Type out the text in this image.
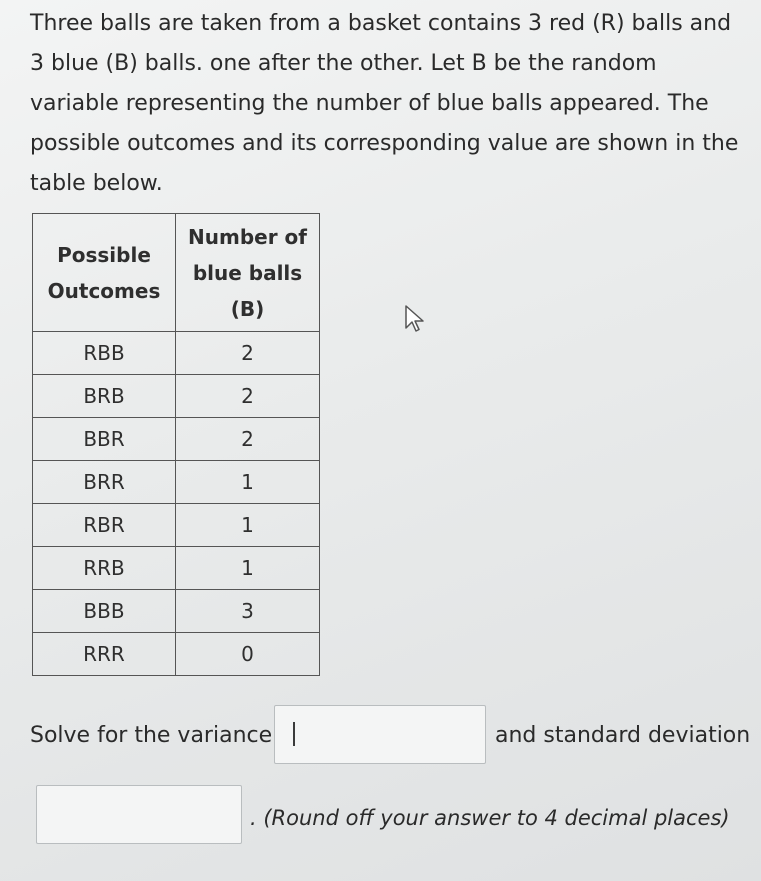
Three balls are taken from a basket contains 3 red (R) balls and 3 blue (B) balls. one after the other. Let B be the random variable representing the number of blue balls appeared. The possible outcomes and its corresponding value are shown in the table below.

Possible Outcomes	Number of blue balls (B)
RBB	2
BRB	2
BBR	2
BRR	1
RBR	1
RRB	1
BBB	3
RRR	0
Solve for the variance	and standard deviation
. (Round off your answer to 4 decimal places)
